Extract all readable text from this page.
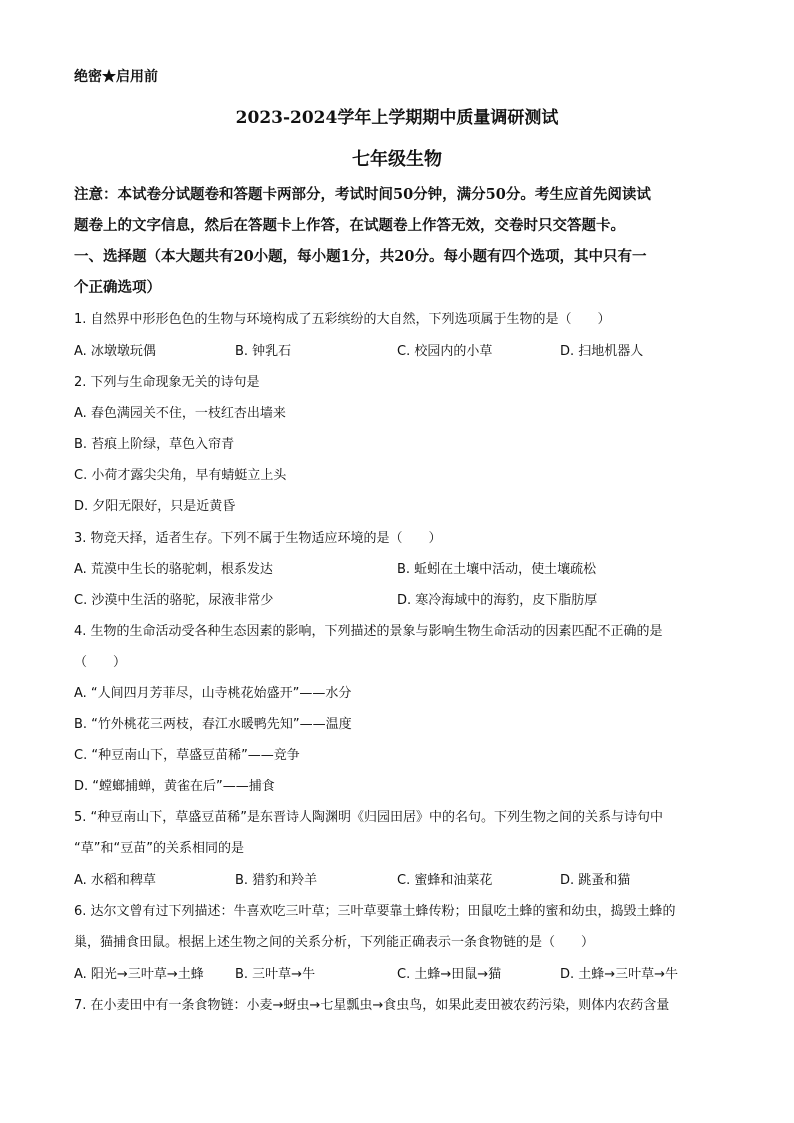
绝密★启用前
2023-2024学年上学期期中质量调研测试
七年级生物
注意：本试卷分试题卷和答题卡两部分，考试时间50分钟，满分50分。考生应首先阅读试
题卷上的文字信息，然后在答题卡上作答，在试题卷上作答无效，交卷时只交答题卡。
一、选择题（本大题共有20小题，每小题1分，共20分。每小题有四个选项，其中只有一
个正确选项）
1. 自然界中形形色色的生物与环境构成了五彩缤纷的大自然，下列选项属于生物的是（　　）
A. 冰墩墩玩偶	B. 钟乳石	C. 校园内的小草	D. 扫地机器人
2. 下列与生命现象无关的诗句是
A. 春色满园关不住，一枝红杏出墙来
B. 苔痕上阶绿，草色入帘青
C. 小荷才露尖尖角，早有蜻蜓立上头
D. 夕阳无限好，只是近黄昏
3. 物竞天择，适者生存。下列不属于生物适应环境的是（　　）
A. 荒漠中生长的骆驼刺，根系发达	B. 蚯蚓在土壤中活动，使土壤疏松
C. 沙漠中生活的骆驼，尿液非常少	D. 寒冷海域中的海豹，皮下脂肪厚
4. 生物的生命活动受各种生态因素的影响，下列描述的景象与影响生物生命活动的因素匹配不正确的是
（　　）
A. “人间四月芳菲尽，山寺桃花始盛开”——水分
B. “竹外桃花三两枝，春江水暖鸭先知”——温度
C. “种豆南山下，草盛豆苗稀”——竞争
D. “螳螂捕蝉，黄雀在后”——捕食
5. “种豆南山下，草盛豆苗稀”是东晋诗人陶渊明《归园田居》中的名句。下列生物之间的关系与诗句中
“草”和“豆苗”的关系相同的是
A. 水稻和稗草	B. 猎豹和羚羊	C. 蜜蜂和油菜花	D. 跳蚤和猫
6. 达尔文曾有过下列描述：牛喜欢吃三叶草；三叶草要靠土蜂传粉；田鼠吃土蜂的蜜和幼虫，捣毁土蜂的
巢，猫捕食田鼠。根据上述生物之间的关系分析，下列能正确表示一条食物链的是（　　）
A. 阳光→三叶草→土蜂 B. 三叶草→牛	C. 土蜂→田鼠→猫	D. 土蜂→三叶草→牛
7. 在小麦田中有一条食物链：小麦→蚜虫→七星瓢虫→食虫鸟，如果此麦田被农药污染，则体内农药含量
